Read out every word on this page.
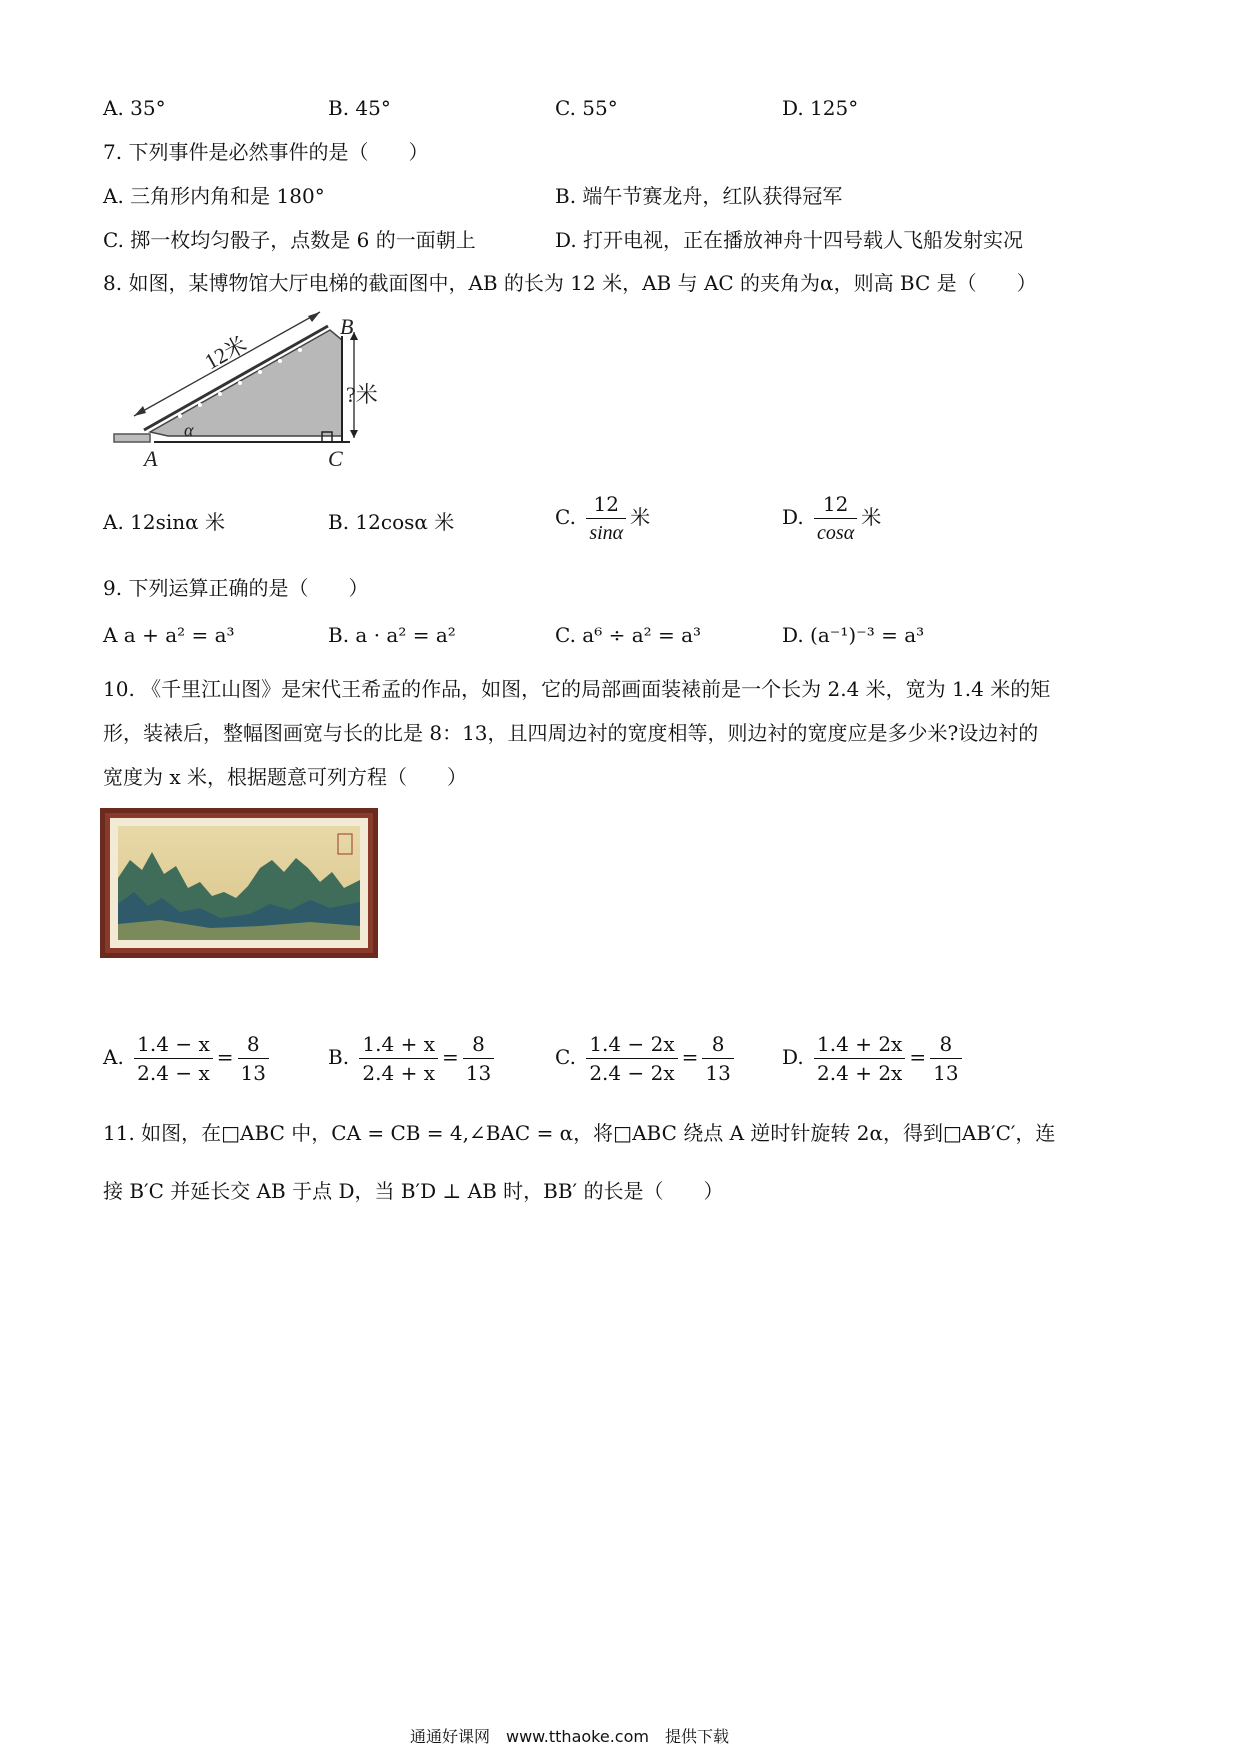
A. 35°	B. 45°	C. 55°	D. 125°
7. 下列事件是必然事件的是（　　）
A. 三角形内角和是 180°	B. 端午节赛龙舟，红队获得冠军
C. 掷一枚均匀骰子，点数是 6 的一面朝上	D. 打开电视，正在播放神舟十四号载人飞船发射实况
8. 如图，某博物馆大厅电梯的截面图中，AB 的长为 12 米，AB 与 AC 的夹角为α，则高 BC 是（　　）
12米
?米
A
B
C
α
A. 12sinα 米	B. 12cosα 米	C. $\frac{12}{\sin\alpha}$ 米	D. $\frac{12}{\cos\alpha}$ 米
9. 下列运算正确的是（　　）
A a + a² = a³	B. a · a² = a²	C. a⁶ ÷ a² = a³	D. (a⁻¹)⁻³ = a³
10. 《千里江山图》是宋代王希孟的作品，如图，它的局部画面装裱前是一个长为 2.4 米，宽为 1.4 米的矩
形，装裱后，整幅图画宽与长的比是 8：13，且四周边衬的宽度相等，则边衬的宽度应是多少米?设边衬的
宽度为 x 米，根据题意可列方程（　　）
A. $\frac{1.4 - x}{2.4 - x} = \frac{8}{13}$	B. $\frac{1.4 + x}{2.4 + x} = \frac{8}{13}$	C. $\frac{1.4 - 2x}{2.4 - 2x} = \frac{8}{13} D$. $\frac{1.4 + 2x}{2.4 + 2x} = \frac{8}{13}$
11. 如图，在□ABC 中，CA = CB = 4,∠BAC = α，将□ABC 绕点 A 逆时针旋转 2α，得到□AB′C′，连
接 B′C 并延长交 AB 于点 D，当 B′D ⊥ AB 时，BB′ 的长是（　　）
通通好课网　www.tthaoke.com　提供下载
